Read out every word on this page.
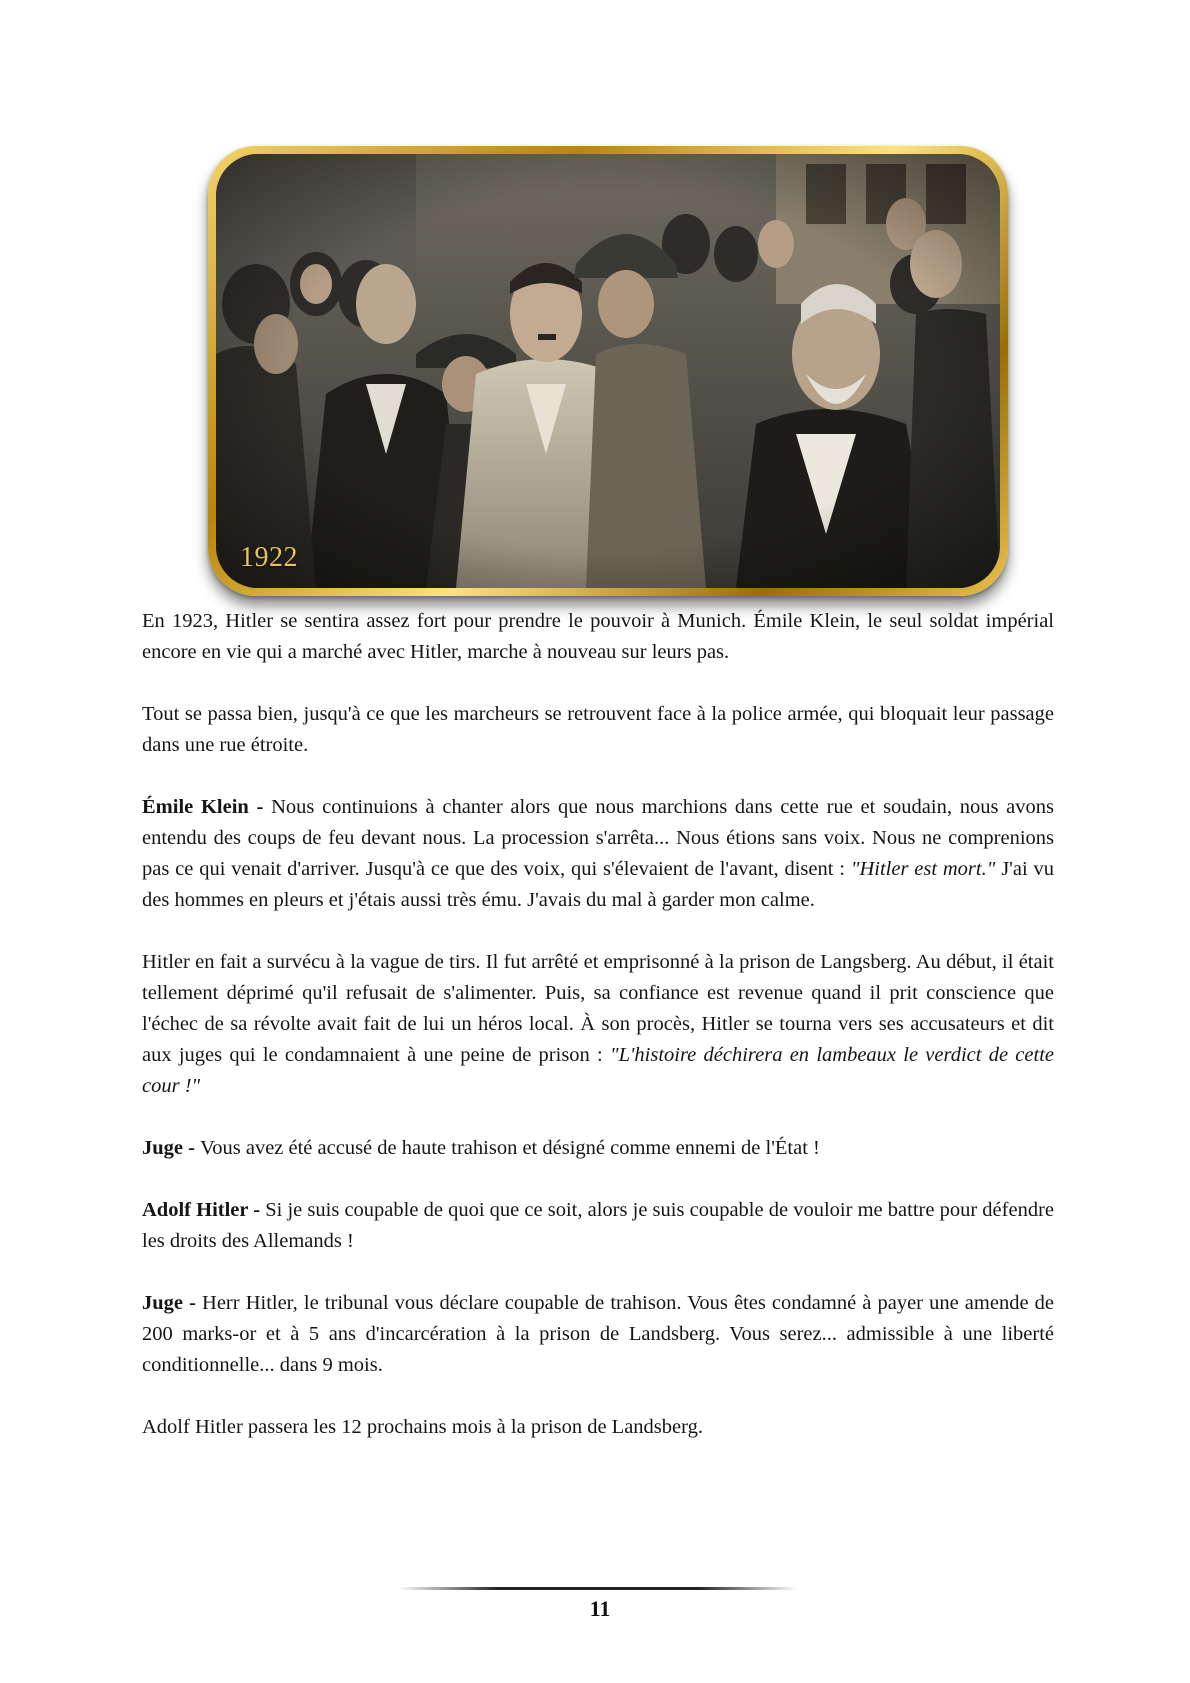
1922

En 1923, Hitler se sentira assez fort pour prendre le pouvoir à Munich. Émile Klein, le seul soldat impérial encore en vie qui a marché avec Hitler, marche à nouveau sur leurs pas.

Tout se passa bien, jusqu'à ce que les marcheurs se retrouvent face à la police armée, qui bloquait leur passage dans une rue étroite.

Émile Klein - Nous continuions à chanter alors que nous marchions dans cette rue et soudain, nous avons entendu des coups de feu devant nous. La procession s'arrêta... Nous étions sans voix. Nous ne comprenions pas ce qui venait d'arriver. Jusqu'à ce que des voix, qui s'élevaient de l'avant, disent : "Hitler est mort." J'ai vu des hommes en pleurs et j'étais aussi très ému. J'avais du mal à garder mon calme.

Hitler en fait a survécu à la vague de tirs. Il fut arrêté et emprisonné à la prison de Langsberg. Au début, il était tellement déprimé qu'il refusait de s'alimenter. Puis, sa confiance est revenue quand il prit conscience que l'échec de sa révolte avait fait de lui un héros local. À son procès, Hitler se tourna vers ses accusateurs et dit aux juges qui le condamnaient à une peine de prison : "L'histoire déchirera en lambeaux le verdict de cette cour !"

Juge - Vous avez été accusé de haute trahison et désigné comme ennemi de l'État !

Adolf Hitler - Si je suis coupable de quoi que ce soit, alors je suis coupable de vouloir me battre pour défendre les droits des Allemands !

Juge - Herr Hitler, le tribunal vous déclare coupable de trahison. Vous êtes condamné à payer une amende de 200 marks-or et à 5 ans d'incarcération à la prison de Landsberg. Vous serez... admissible à une liberté conditionnelle... dans 9 mois.

Adolf Hitler passera les 12 prochains mois à la prison de Landsberg.

11
